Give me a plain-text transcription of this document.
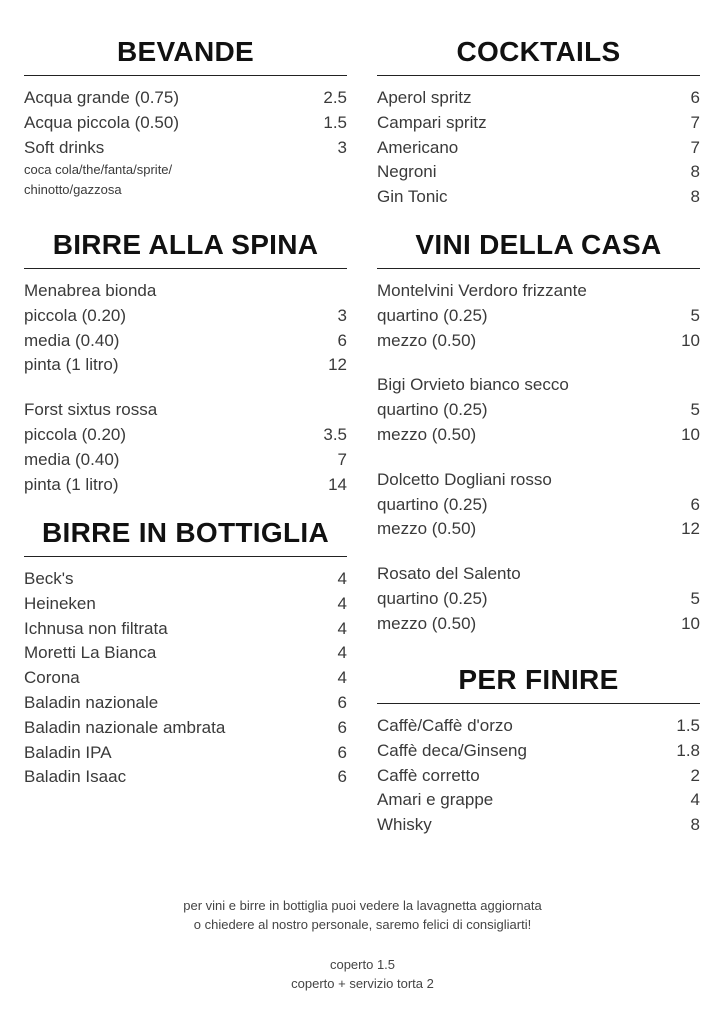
BEVANDE
Acqua grande (0.75)	2.5
Acqua piccola (0.50)	1.5
Soft drinks	3
coca cola/the/fanta/sprite/
chinotto/gazzosa
COCKTAILS
Aperol spritz	6
Campari spritz	7
Americano	7
Negroni	8
Gin Tonic	8
BIRRE ALLA SPINA
Menabrea bionda
piccola (0.20)	3
media (0.40)	6
pinta (1 litro)	12
Forst sixtus rossa
piccola (0.20)	3.5
media (0.40)	7
pinta (1 litro)	14
VINI DELLA CASA
Montelvini Verdoro frizzante
quartino (0.25)	5
mezzo (0.50)	10
Bigi Orvieto bianco secco
quartino (0.25)	5
mezzo (0.50)	10
Dolcetto Dogliani rosso
quartino (0.25)	6
mezzo (0.50)	12
Rosato del Salento
quartino (0.25)	5
mezzo (0.50)	10
BIRRE IN BOTTIGLIA
Beck's	4
Heineken	4
Ichnusa non filtrata	4
Moretti La Bianca	4
Corona	4
Baladin nazionale	6
Baladin nazionale ambrata	6
Baladin IPA	6
Baladin Isaac	6
PER FINIRE
Caffè/Caffè d'orzo	1.5
Caffè deca/Ginseng	1.8
Caffè corretto	2
Amari e grappe	4
Whisky	8
per vini e birre in bottiglia puoi vedere la lavagnetta aggiornata
o chiedere al nostro personale, saremo felici di consigliarti!
coperto 1.5
coperto + servizio torta 2
